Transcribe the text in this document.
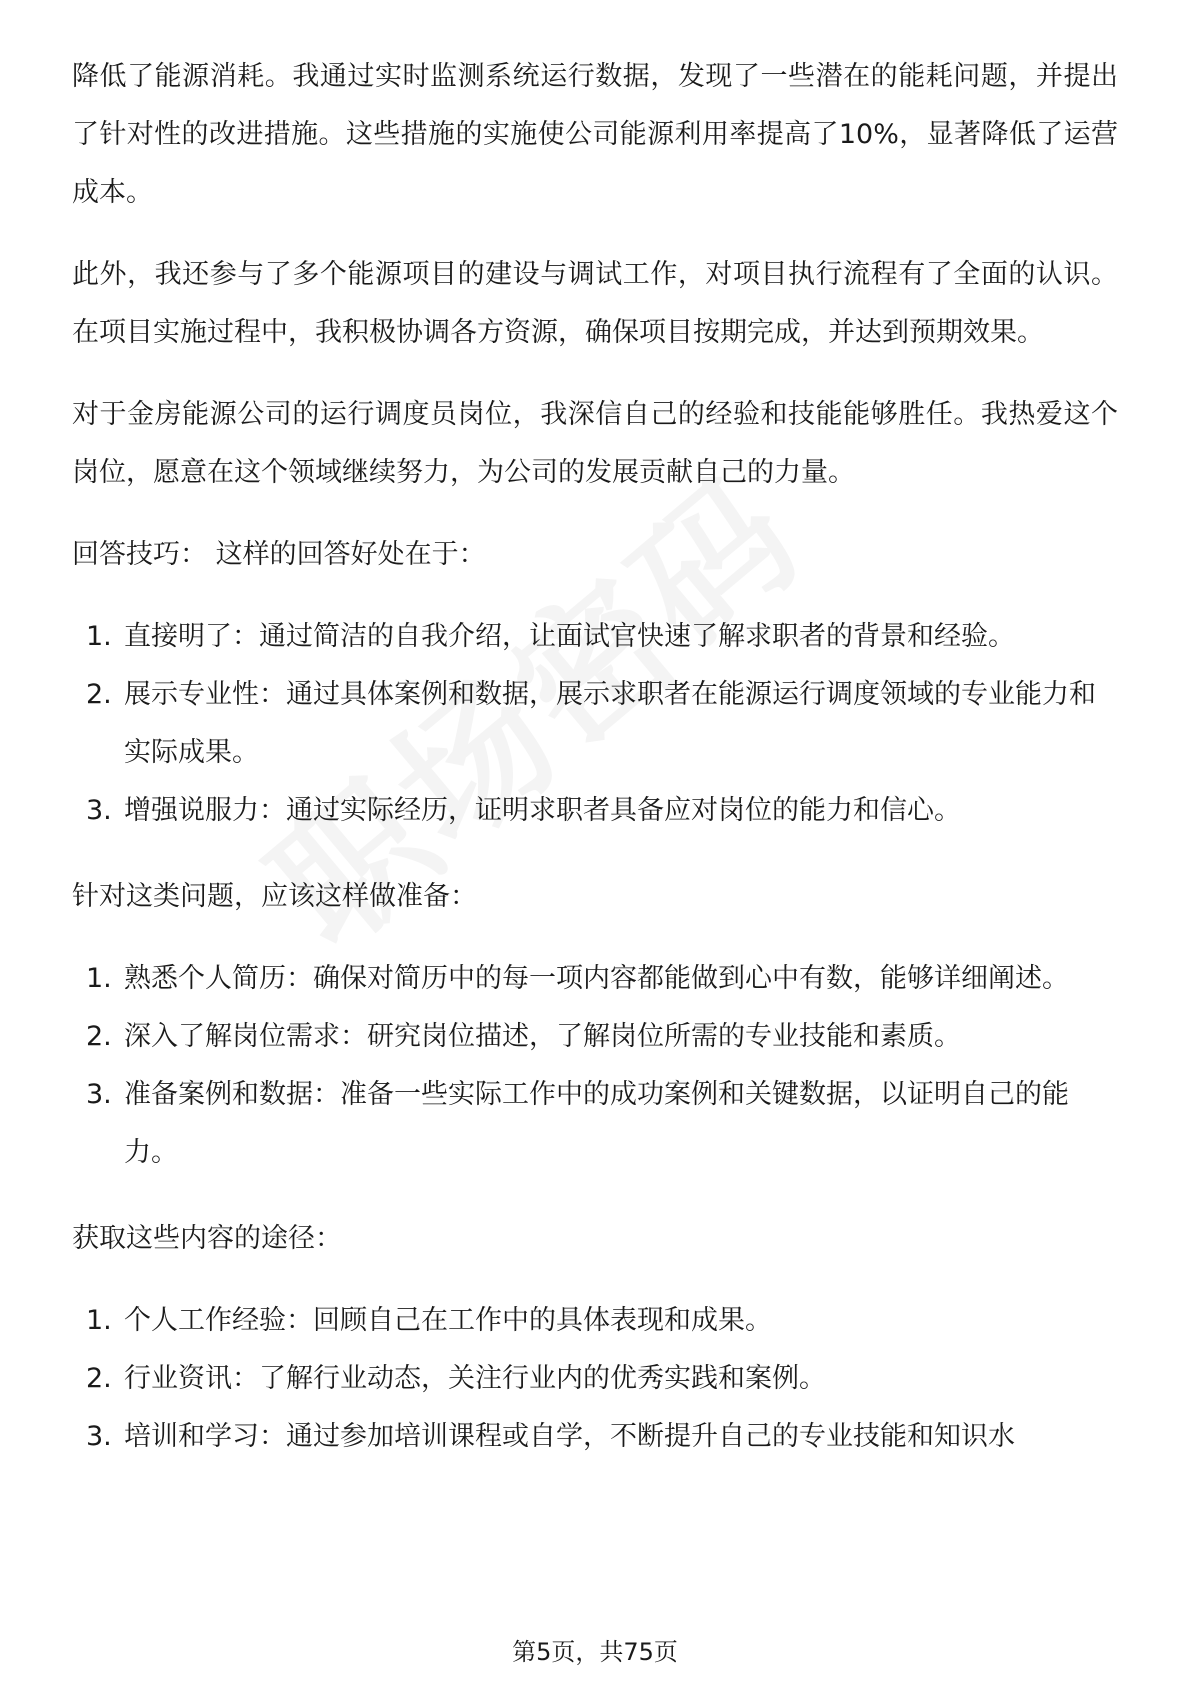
降低了能源消耗。我通过实时监测系统运行数据，发现了一些潜在的能耗问题，并提出了针对性的改进措施。这些措施的实施使公司能源利用率提高了10%，显著降低了运营成本。

此外，我还参与了多个能源项目的建设与调试工作，对项目执行流程有了全面的认识。在项目实施过程中，我积极协调各方资源，确保项目按期完成，并达到预期效果。

对于金房能源公司的运行调度员岗位，我深信自己的经验和技能能够胜任。我热爱这个岗位，愿意在这个领域继续努力，为公司的发展贡献自己的力量。

回答技巧： 这样的回答好处在于：
1. 直接明了：通过简洁的自我介绍，让面试官快速了解求职者的背景和经验。
2. 展示专业性：通过具体案例和数据，展示求职者在能源运行调度领域的专业能力和实际成果。
3. 增强说服力：通过实际经历，证明求职者具备应对岗位的能力和信心。
针对这类问题，应该这样做准备：
1. 熟悉个人简历：确保对简历中的每一项内容都能做到心中有数，能够详细阐述。
2. 深入了解岗位需求：研究岗位描述，了解岗位所需的专业技能和素质。
3. 准备案例和数据：准备一些实际工作中的成功案例和关键数据，以证明自己的能力。
获取这些内容的途径：
1. 个人工作经验：回顾自己在工作中的具体表现和成果。
2. 行业资讯：了解行业动态，关注行业内的优秀实践和案例。
3. 培训和学习：通过参加培训课程或自学，不断提升自己的专业技能和知识水
第5页，共75页
